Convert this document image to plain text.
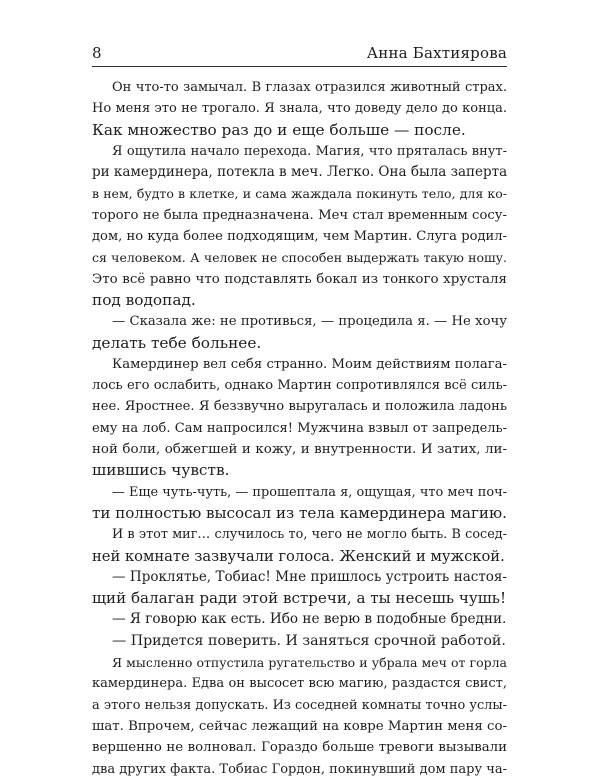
8	Анна Бахтиярова

Он что-то замычал. В глазах отразился животный страх.
Но меня это не трогало. Я знала, что доведу дело до конца.
Как множество раз до и еще больше — после.

Я ощутила начало перехода. Магия, что пряталась внут-
ри камердинера, потекла в меч. Легко. Она была заперта
в нем, будто в клетке, и сама жаждала покинуть тело, для ко-
торого не была предназначена. Меч стал временным сосу-
дом, но куда более подходящим, чем Мартин. Слуга родил-
ся человеком. А человек не способен выдержать такую ношу.
Это всё равно что подставлять бокал из тонкого хрусталя
под водопад.

— Сказала же: не противься, — процедила я. — Не хочу
делать тебе больнее.

Камердинер вел себя странно. Моим действиям полага-
лось его ослабить, однако Мартин сопротивлялся всё силь-
нее. Яростнее. Я беззвучно выругалась и положила ладонь
ему на лоб. Сам напросился! Мужчина взвыл от запредель-
ной боли, обжегшей и кожу, и внутренности. И затих, ли-
шившись чувств.

— Еще чуть-чуть, — прошептала я, ощущая, что меч поч-
ти полностью высосал из тела камердинера магию.

И в этот миг… случилось то, чего не могло быть. В сосед-
ней комнате зазвучали голоса. Женский и мужской.

— Проклятье, Тобиас! Мне пришлось устроить настоя-
щий балаган ради этой встречи, а ты несешь чушь!

— Я говорю как есть. Ибо не верю в подобные бредни.

— Придется поверить. И заняться срочной работой.

Я мысленно отпустила ругательство и убрала меч от горла
камердинера. Едва он высосет всю магию, раздастся свист,
а этого нельзя допускать. Из соседней комнаты точно услы-
шат. Впрочем, сейчас лежащий на ковре Мартин меня со-
вершенно не волновал. Гораздо больше тревоги вызывали
два других факта. Тобиас Гордон, покинувший дом пару ча-
